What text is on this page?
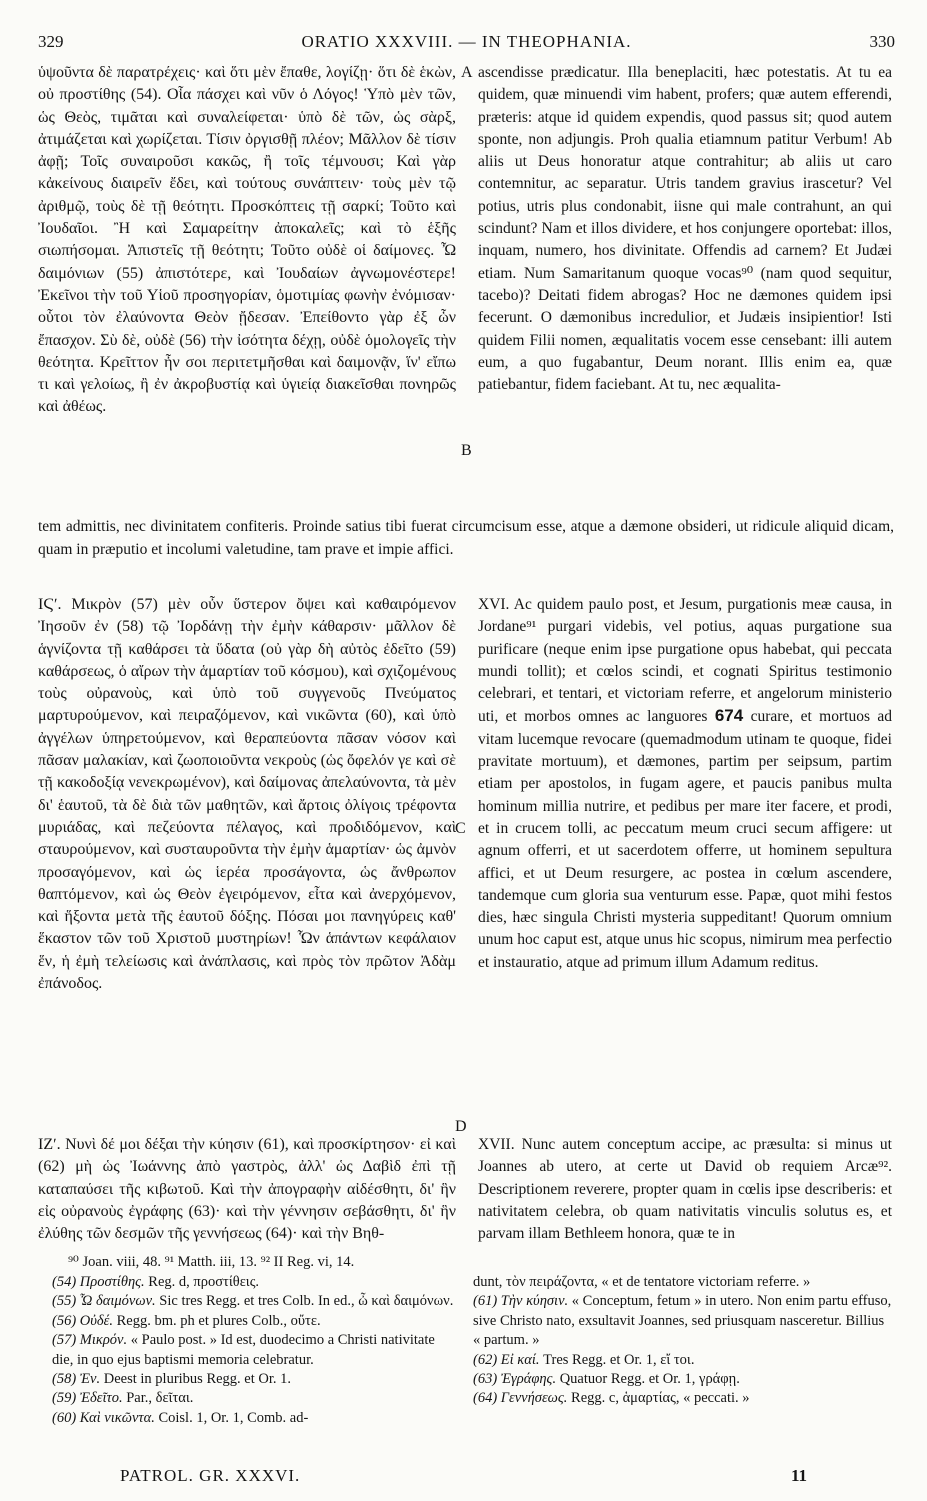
329	ORATIO XXXVIII. — IN THEOPHANIA.	330

ὑψοῦντα δὲ παρατρέχεις· καὶ ὅτι μὲν ἔπαθε, λογίζῃ· ὅτι δὲ ἑκὼν, οὐ προστίθης (54). Οἷα πάσχει καὶ νῦν ὁ Λόγος! Ὑπὸ μὲν τῶν, ὡς Θεὸς, τιμᾶται καὶ συναλείφεται· ὑπὸ δὲ τῶν, ὡς σὰρξ, ἀτιμάζεται καὶ χωρίζεται. Τίσιν ὀργισθῇ πλέον; Μᾶλλον δὲ τίσιν ἀφῇ; Τοῖς συναιροῦσι κακῶς, ἢ τοῖς τέμνουσι; Καὶ γὰρ κἀκείνους διαιρεῖν ἔδει, καὶ τούτους συνάπτειν· τοὺς μὲν τῷ ἀριθμῷ, τοὺς δὲ τῇ θεότητι. Προσκόπτεις τῇ σαρκί; Τοῦτο καὶ Ἰουδαῖοι. Ἢ καὶ Σαμαρείτην ἀποκαλεῖς; καὶ τὸ ἑξῆς σιωπήσομαι. Ἀπιστεῖς τῇ θεότητι; Τοῦτο οὐδὲ οἱ δαίμονες. Ὦ δαιμόνιων (55) ἀπιστότερε, καὶ Ἰουδαίων ἀγνωμονέστερε! Ἐκεῖνοι τὴν τοῦ Υἱοῦ προσηγορίαν, ὁμοτιμίας φωνὴν ἐνόμισαν· οὗτοι τὸν ἐλαύνοντα Θεὸν ᾔδεσαν. Ἐπείθοντο γὰρ ἐξ ὧν ἔπασχον. Σὺ δὲ, οὐδὲ (56) τὴν ἰσότητα δέχῃ, οὐδὲ ὁμολογεῖς τὴν θεότητα. Κρεῖττον ἦν σοι περιτετμῆσθαι καὶ δαιμονᾷν, ἵν' εἴπω τι καὶ γελοίως, ἢ ἐν ἀκροβυστίᾳ καὶ ὑγιείᾳ διακεῖσθαι πονηρῶς καὶ ἀθέως.

A ascendisse prædicatur. Illa beneplaciti, hæc potestatis. At tu ea quidem, quæ minuendi vim habent, profers; quæ autem efferendi, præteris: atque id quidem expendis, quod passus sit; quod autem sponte, non adjungis. Proh qualia etiamnum patitur Verbum! Ab aliis ut Deus honoratur atque contrahitur; ab aliis ut caro contemnitur, ac separatur. Utris tandem gravius irascetur? Vel potius, utris plus condonabit, iisne qui male contrahunt, an qui scindunt? Nam et illos dividere, et hos conjungere oportebat: illos, inquam, numero, hos divinitate. Offendis ad carnem? Et Judæi etiam. Num Samaritanum quoque vocas⁹⁰ (nam quod sequitur, tacebo)? Deitati fidem abrogas? Hoc ne dæmones quidem ipsi fecerunt. O dæmonibus incredulior, et Judæis insipientior! Isti quidem Filii nomen, æqualitatis vocem esse censebant: illi autem eum, a quo fugabantur, Deum norant. Illis enim ea, quæ patiebantur, fidem faciebant. At tu, nec æqualita-

B

tem admittis, nec divinitatem confiteris. Proinde satius tibi fuerat circumcisum esse, atque a dæmone obsideri, ut ridicule aliquid dicam, quam in præputio et incolumi valetudine, tam prave et impie affici.

ΙϚʹ. Μικρὸν (57) μὲν οὖν ὕστερον ὄψει καὶ καθαιρόμενον Ἰησοῦν ἐν (58) τῷ Ἰορδάνῃ τὴν ἐμὴν κάθαρσιν· μᾶλλον δὲ ἁγνίζοντα τῇ καθάρσει τὰ ὕδατα (οὐ γὰρ δὴ αὐτὸς ἐδεῖτο (59) καθάρσεως, ὁ αἴρων τὴν ἁμαρτίαν τοῦ κόσμου), καὶ σχιζομένους τοὺς οὐρανοὺς, καὶ ὑπὸ τοῦ συγγενοῦς Πνεύματος μαρτυρούμενον, καὶ πειραζόμενον, καὶ νικῶντα (60), καὶ ὑπὸ ἀγγέλων ὑπηρετούμενον, καὶ θεραπεύοντα πᾶσαν νόσον καὶ πᾶσαν μαλακίαν, καὶ ζωοποιοῦντα νεκροὺς (ὡς ὄφελόν γε καὶ σὲ τῇ κακοδοξίᾳ νενεκρωμένον), καὶ δαίμονας ἀπελαύνοντα, τὰ μὲν δι' ἑαυτοῦ, τὰ δὲ διὰ τῶν μαθητῶν, καὶ ἄρτοις ὀλίγοις τρέφοντα μυριάδας, καὶ πεζεύοντα πέλαγος, καὶ προδιδόμενον, καὶ σταυρούμενον, καὶ συσταυροῦντα τὴν ἐμὴν ἁμαρτίαν· ὡς ἀμνὸν προσαγόμενον, καὶ ὡς ἱερέα προσάγοντα, ὡς ἄνθρωπον θαπτόμενον, καὶ ὡς Θεὸν ἐγειρόμενον, εἶτα καὶ ἀνερχόμενον, καὶ ἥξοντα μετὰ τῆς ἑαυτοῦ δόξης. Πόσαι μοι πανηγύρεις καθ' ἕκαστον τῶν τοῦ Χριστοῦ μυστηρίων! Ὧν ἁπάντων κεφάλαιον ἕν, ἡ ἐμὴ τελείωσις καὶ ἀνάπλασις, καὶ πρὸς τὸν πρῶτον Ἀδὰμ ἐπάνοδος.

C

XVI. Ac quidem paulo post, et Jesum, purgationis meæ causa, in Jordane⁹¹ purgari videbis, vel potius, aquas purgatione sua purificare (neque enim ipse purgatione opus habebat, qui peccata mundi tollit); et cœlos scindi, et cognati Spiritus testimonio celebrari, et tentari, et victoriam referre, et angelorum ministerio uti, et morbos omnes ac languores 674 curare, et mortuos ad vitam lucemque revocare (quemadmodum utinam te quoque, fidei pravitate mortuum), et dæmones, partim per seipsum, partim etiam per apostolos, in fugam agere, et paucis panibus multa hominum millia nutrire, et pedibus per mare iter facere, et prodi, et in crucem tolli, ac peccatum meum cruci secum affigere: ut agnum offerri, et ut sacerdotem offerre, ut hominem sepultura affici, et ut Deum resurgere, ac postea in cœlum ascendere, tandemque cum gloria sua venturum esse. Papæ, quot mihi festos dies, hæc singula Christi mysteria suppeditant! Quorum omnium unum hoc caput est, atque unus hic scopus, nimirum mea perfectio et instauratio, atque ad primum illum Adamum reditus.

ΙΖʹ. Νυνὶ δέ μοι δέξαι τὴν κύησιν (61), καὶ προσκίρτησον· εἰ καὶ (62) μὴ ὡς Ἰωάννης ἀπὸ γαστρὸς, ἀλλ' ὡς Δαβὶδ ἐπὶ τῇ καταπαύσει τῆς κιβωτοῦ. Καὶ τὴν ἀπογραφὴν αἰδέσθητι, δι' ἣν εἰς οὐρανοὺς ἐγράφης (63)· καὶ τὴν γέννησιν σεβάσθητι, δι' ἣν ἐλύθης τῶν δεσμῶν τῆς γεννήσεως (64)· καὶ τὴν Βηθ-

D

XVII. Nunc autem conceptum accipe, ac præsulta: si minus ut Joannes ab utero, at certe ut David ob requiem Arcæ⁹². Descriptionem reverere, propter quam in cœlis ipse describeris: et nativitatem celebra, ob quam nativitatis vinculis solutus es, et parvam illam Bethleem honora, quæ te in

⁹⁰ Joan. viii, 48. ⁹¹ Matth. iii, 13. ⁹² II Reg. vi, 14.

(54) Προστίθης. Reg. d, προστίθεις.

(55) Ὦ δαιμόνων. Sic tres Regg. et tres Colb. In ed., ὦ καὶ δαιμόνων.

(56) Οὐδέ. Regg. bm. ph et plures Colb., οὔτε.

(57) Μικρόν. « Paulo post. » Id est, duodecimo a Christi nativitate die, in quo ejus baptismi memoria celebratur.

(58) Ἐν. Deest in pluribus Regg. et Or. 1.

(59) Ἐδεῖτο. Par., δεῖται.

(60) Καὶ νικῶντα. Coisl. 1, Or. 1, Comb. ad-

dunt, τὸν πειράζοντα, « et de tentatore victoriam referre. »

(61) Τὴν κύησιν. « Conceptum, fetum » in utero. Non enim partu effuso, sive Christo nato, exsultavit Joannes, sed priusquam nasceretur. Billius « partum. »

(62) Εἰ καί. Tres Regg. et Or. 1, εἴ τοι.

(63) Ἐγράφης. Quatuor Regg. et Or. 1, γράφῃ.

(64) Γεννήσεως. Regg. c, ἁμαρτίας, « peccati. »

PATROL. GR. XXXVI.	11
